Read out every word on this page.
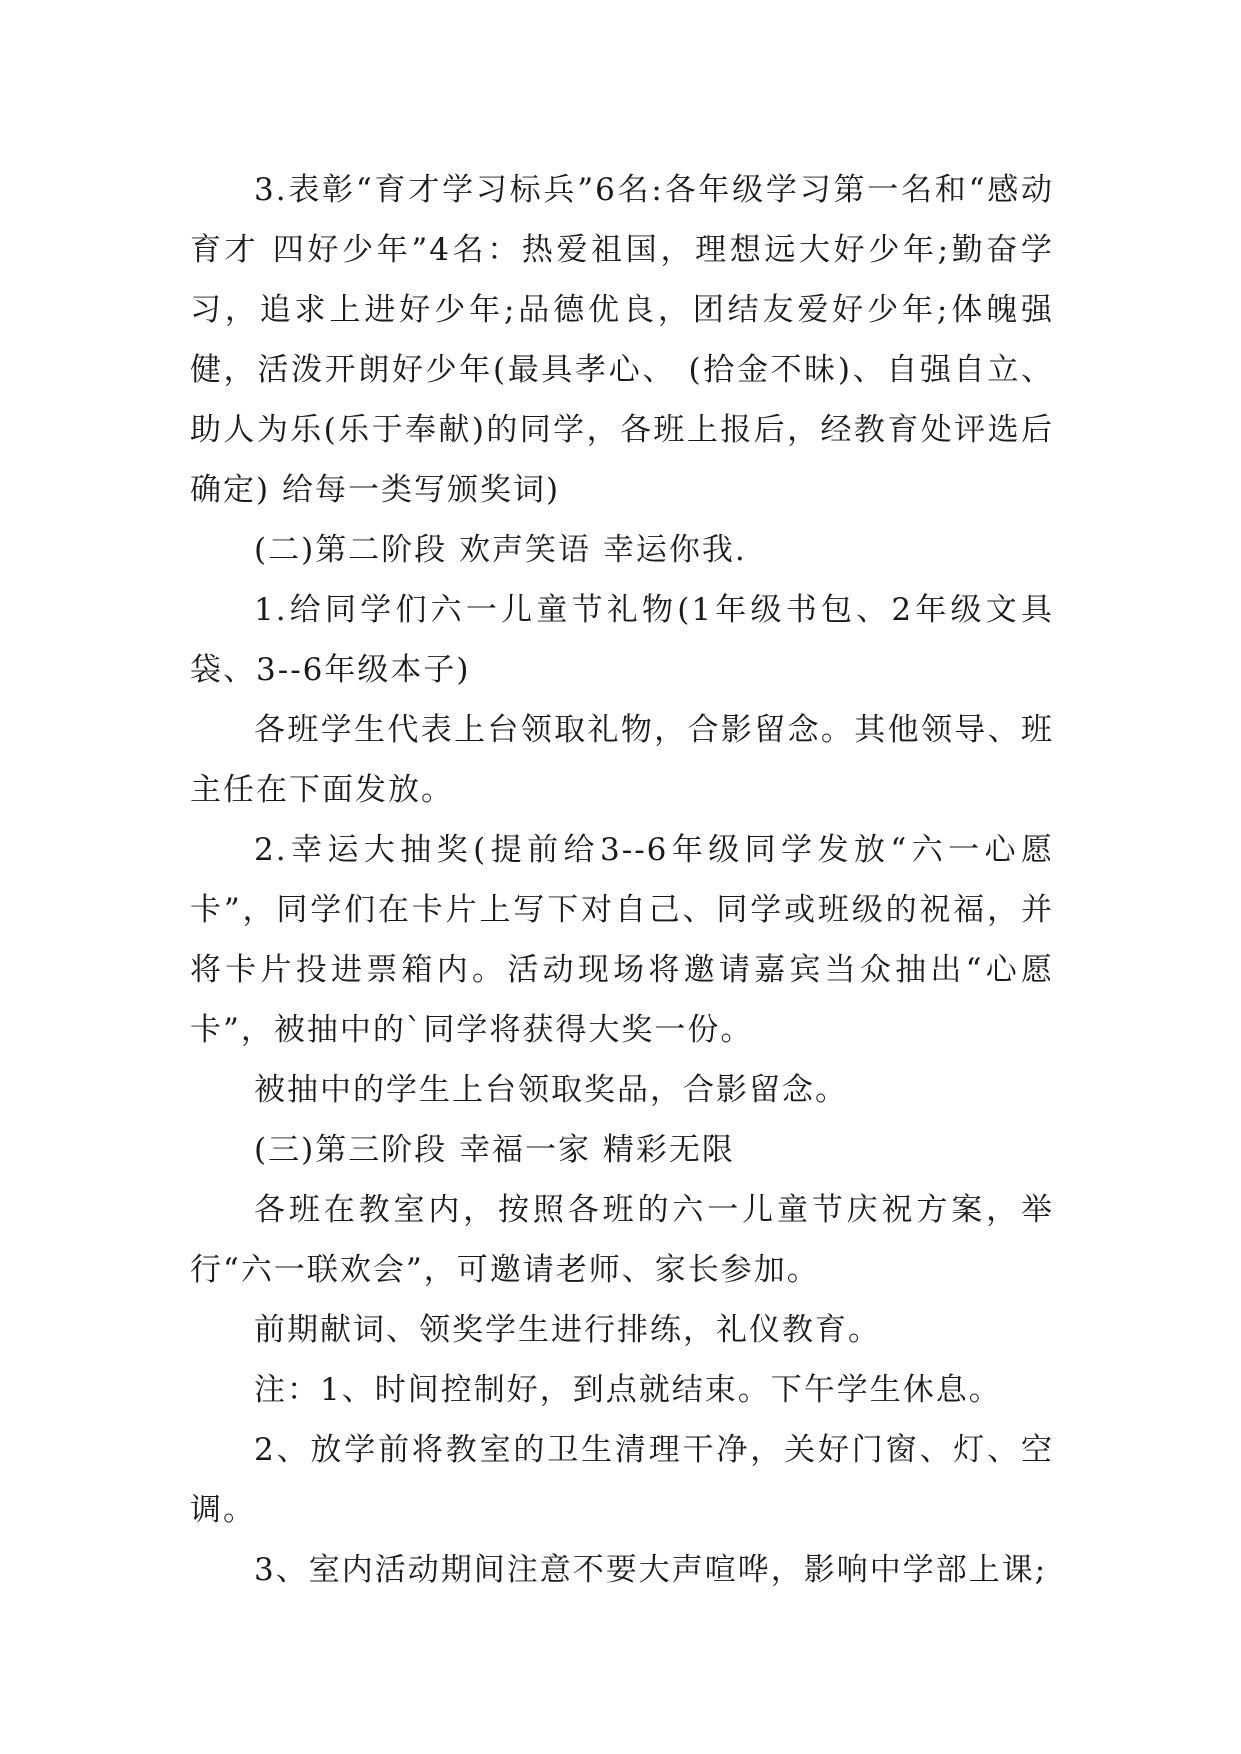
3.表彰“育才学习标兵”6名:各年级学习第一名和“感动育才 四好少年”4名：热爱祖国，理想远大好少年;勤奋学习，追求上进好少年;品德优良，团结友爱好少年;体魄强健，活泼开朗好少年(最具孝心、 (拾金不昧)、自强自立、助人为乐(乐于奉献)的同学，各班上报后，经教育处评选后确定) 给每一类写颁奖词)

(二)第二阶段 欢声笑语 幸运你我.

1.给同学们六一儿童节礼物(1年级书包、2年级文具袋、3--6年级本子)

各班学生代表上台领取礼物，合影留念。其他领导、班主任在下面发放。

2.幸运大抽奖(提前给3--6年级同学发放“六一心愿卡”，同学们在卡片上写下对自己、同学或班级的祝福，并将卡片投进票箱内。活动现场将邀请嘉宾当众抽出“心愿卡”，被抽中的`同学将获得大奖一份。

被抽中的学生上台领取奖品，合影留念。

(三)第三阶段 幸福一家 精彩无限

各班在教室内，按照各班的六一儿童节庆祝方案，举行“六一联欢会”，可邀请老师、家长参加。

前期献词、领奖学生进行排练，礼仪教育。

注：1、时间控制好，到点就结束。下午学生休息。

2、放学前将教室的卫生清理干净，关好门窗、灯、空调。

3、室内活动期间注意不要大声喧哗，影响中学部上课;
